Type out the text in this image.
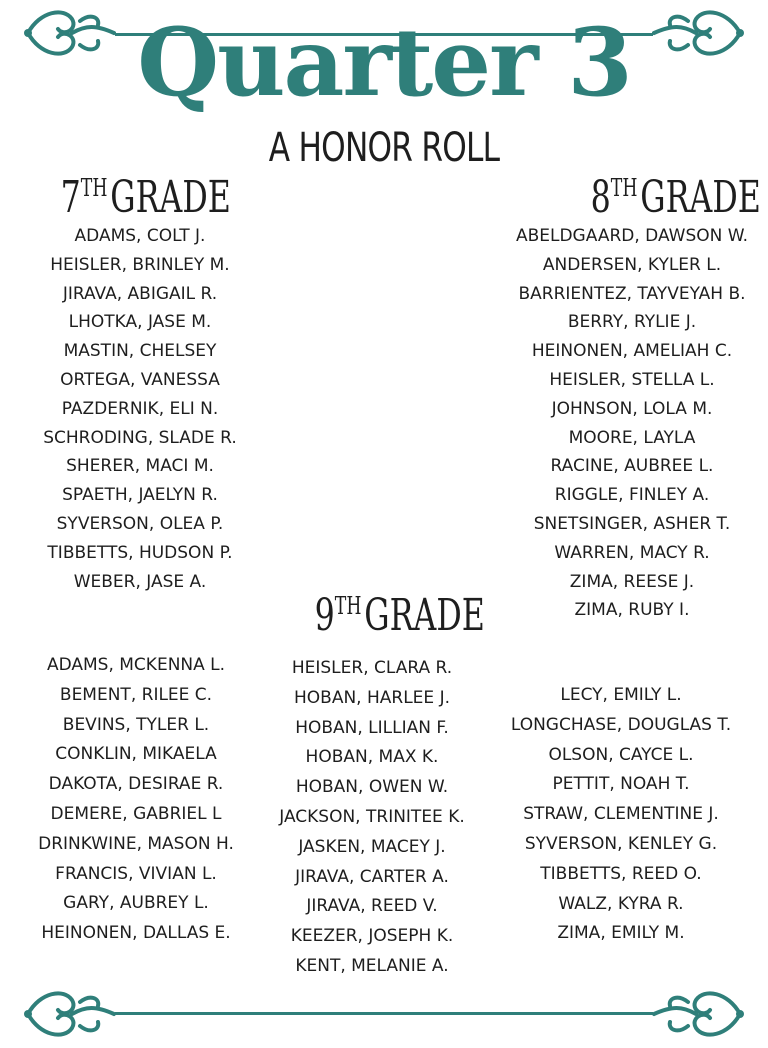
Quarter 3
A HONOR ROLL
7THGRADE	8THGRADE
9THGRADE
ADAMS, COLT J.
HEISLER, BRINLEY M.
JIRAVA, ABIGAIL R.
LHOTKA, JASE M.
MASTIN, CHELSEY
ORTEGA, VANESSA
PAZDERNIK, ELI N.
SCHRODING, SLADE R.
SHERER, MACI M.
SPAETH, JAELYN R.
SYVERSON, OLEA P.
TIBBETTS, HUDSON P.
WEBER, JASE A.
ABELDGAARD, DAWSON W.
ANDERSEN, KYLER L.
BARRIENTEZ, TAYVEYAH B.
BERRY, RYLIE J.
HEINONEN, AMELIAH C.
HEISLER, STELLA L.
JOHNSON, LOLA M.
MOORE, LAYLA
RACINE, AUBREE L.
RIGGLE, FINLEY A.
SNETSINGER, ASHER T.
WARREN, MACY R.
ZIMA, REESE J.
ZIMA, RUBY I.
ADAMS, MCKENNA L.
BEMENT, RILEE C.
BEVINS, TYLER L.
CONKLIN, MIKAELA
DAKOTA, DESIRAE R.
DEMERE, GABRIEL L
DRINKWINE, MASON H.
FRANCIS, VIVIAN L.
GARY, AUBREY L.
HEINONEN, DALLAS E.
HEISLER, CLARA R.
HOBAN, HARLEE J.
HOBAN, LILLIAN F.
HOBAN, MAX K.
HOBAN, OWEN W.
JACKSON, TRINITEE K.
JASKEN, MACEY J.
JIRAVA, CARTER A.
JIRAVA, REED V.
KEEZER, JOSEPH K.
KENT, MELANIE A.
LECY, EMILY L.
LONGCHASE, DOUGLAS T.
OLSON, CAYCE L.
PETTIT, NOAH T.
STRAW, CLEMENTINE J.
SYVERSON, KENLEY G.
TIBBETTS, REED O.
WALZ, KYRA R.
ZIMA, EMILY M.
